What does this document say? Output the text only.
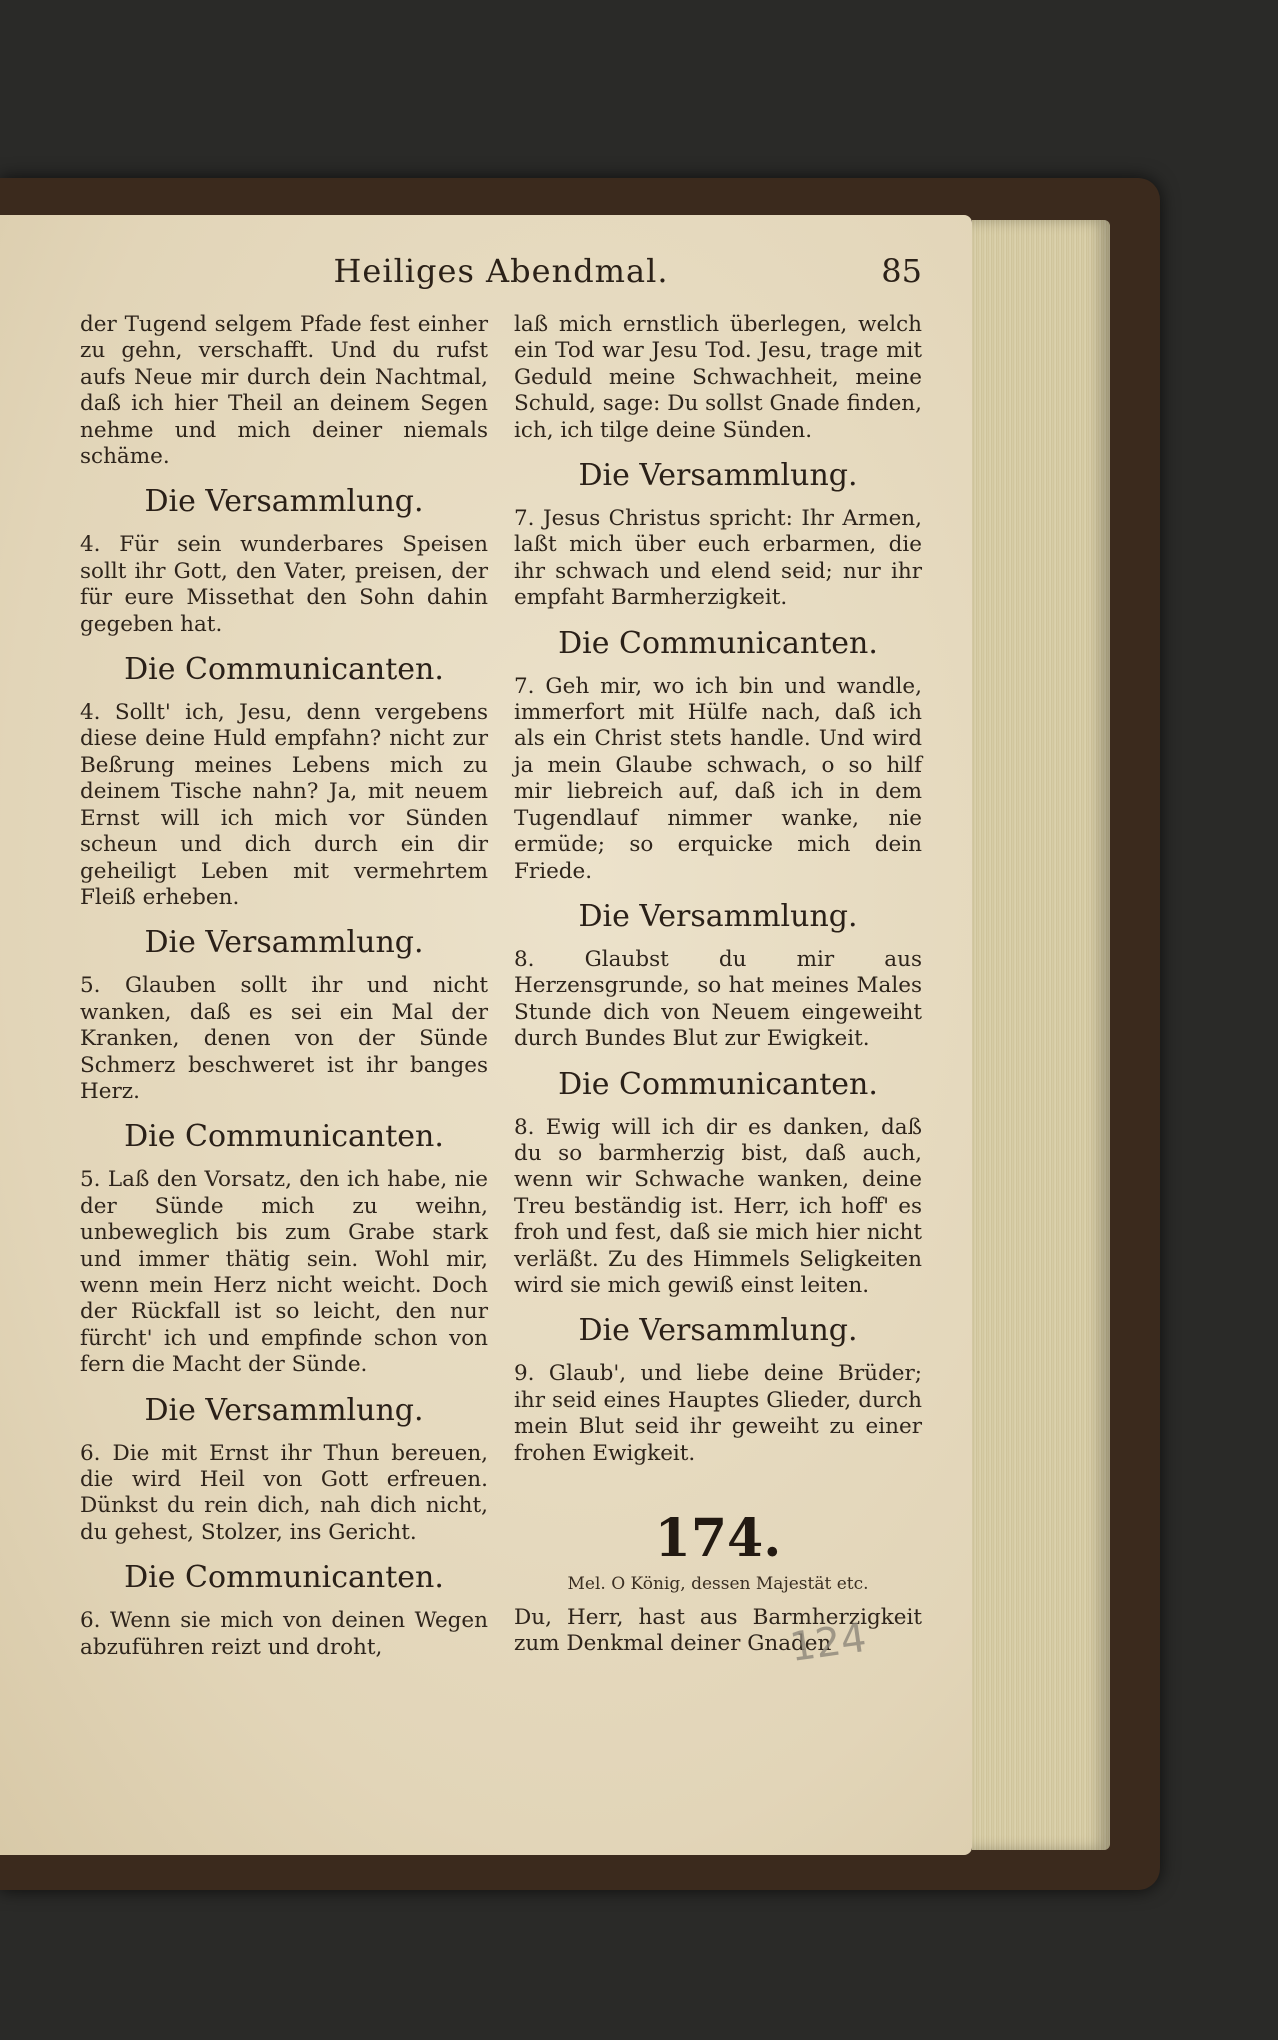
Heiliges Abendmal.	85

der Tugend selgem Pfade fest einher zu gehn, verschafft. Und du rufst aufs Neue mir durch dein Nachtmal, daß ich hier Theil an deinem Segen nehme und mich deiner niemals schäme.

Die Versammlung.

4. Für sein wunderbares Speisen sollt ihr Gott, den Vater, preisen, der für eure Missethat den Sohn dahin gegeben hat.

Die Communicanten.

4. Sollt' ich, Jesu, denn vergebens diese deine Huld empfahn? nicht zur Beßrung meines Lebens mich zu deinem Tische nahn? Ja, mit neuem Ernst will ich mich vor Sünden scheun und dich durch ein dir geheiligt Leben mit vermehrtem Fleiß erheben.

Die Versammlung.

5. Glauben sollt ihr und nicht wanken, daß es sei ein Mal der Kranken, denen von der Sünde Schmerz beschweret ist ihr banges Herz.

Die Communicanten.

5. Laß den Vorsatz, den ich habe, nie der Sünde mich zu weihn, unbeweglich bis zum Grabe stark und immer thätig sein. Wohl mir, wenn mein Herz nicht weicht. Doch der Rückfall ist so leicht, den nur fürcht' ich und empfinde schon von fern die Macht der Sünde.

Die Versammlung.

6. Die mit Ernst ihr Thun bereuen, die wird Heil von Gott erfreuen. Dünkst du rein dich, nah dich nicht, du gehest, Stolzer, ins Gericht.

Die Communicanten.

6. Wenn sie mich von deinen Wegen abzuführen reizt und droht,

laß mich ernstlich überlegen, welch ein Tod war Jesu Tod. Jesu, trage mit Geduld meine Schwachheit, meine Schuld, sage: Du sollst Gnade finden, ich, ich tilge deine Sünden.

Die Versammlung.

7. Jesus Christus spricht: Ihr Armen, laßt mich über euch erbarmen, die ihr schwach und elend seid; nur ihr empfaht Barmherzigkeit.

Die Communicanten.

7. Geh mir, wo ich bin und wandle, immerfort mit Hülfe nach, daß ich als ein Christ stets handle. Und wird ja mein Glaube schwach, o so hilf mir liebreich auf, daß ich in dem Tugendlauf nimmer wanke, nie ermüde; so erquicke mich dein Friede.

Die Versammlung.

8. Glaubst du mir aus Herzensgrunde, so hat meines Males Stunde dich von Neuem eingeweiht durch Bundes Blut zur Ewigkeit.

Die Communicanten.

8. Ewig will ich dir es danken, daß du so barmherzig bist, daß auch, wenn wir Schwache wanken, deine Treu beständig ist. Herr, ich hoff' es froh und fest, daß sie mich hier nicht verläßt. Zu des Himmels Seligkeiten wird sie mich gewiß einst leiten.

Die Versammlung.

9. Glaub', und liebe deine Brüder; ihr seid eines Hauptes Glieder, durch mein Blut seid ihr geweiht zu einer frohen Ewigkeit.

174.
Mel. O König, dessen Majestät etc.

Du, Herr, hast aus Barmherzigkeit zum Denkmal deiner Gnaden

124
